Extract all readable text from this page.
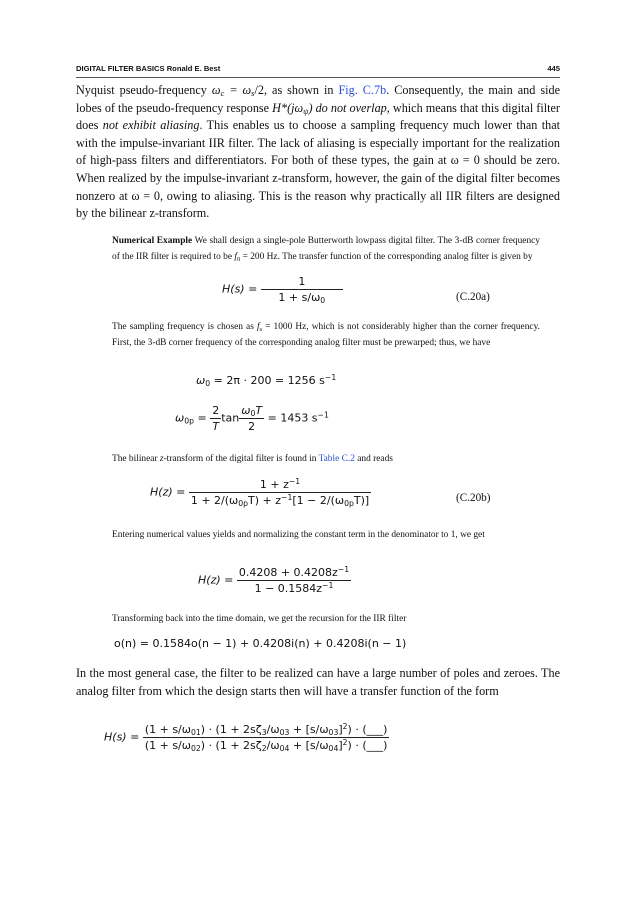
DIGITAL FILTER BASICS Ronald E. Best	445
Nyquist pseudo-frequency $\omega_c = \omega_s/2$, as shown in Fig. C.7b. Consequently, the main and side lobes of the pseudo-frequency response $H*(j\omega_\psi)$ do not overlap, which means that this digital filter does not exhibit aliasing. This enables us to choose a sampling frequency much lower than that with the impulse-invariant IIR filter. The lack of aliasing is especially important for the realization of high-pass filters and differentiators. For both of these types, the gain at ω = 0 should be zero. When realized by the impulse-invariant z-transform, however, the gain of the digital filter becomes nonzero at ω = 0, owing to aliasing. This is the reason why practically all IIR filters are designed by the bilinear z-transform.
Numerical Example We shall design a single-pole Butterworth lowpass digital filter. The 3-dB corner frequency of the IIR filter is required to be $f_0 = 200$ Hz. The transfer function of the corresponding analog filter is given by
$H(s) = \frac{1}{1 + s/\omega_0}$	(C.20a)
The sampling frequency is chosen as $f_s = 1000$ Hz, which is not considerably higher than the corner frequency. First, the 3-dB corner frequency of the corresponding analog filter must be prewarped; thus, we have
$\omega_0 = 2\pi \cdot 200 = 1256$ $s^{-1}$
$\omega_{0p} = \frac{2}{T}$ $\tan \frac{\omega_0T}{2} = 1453$ $s^{-1}$
The bilinear z-transform of the digital filter is found in Table C.2 and reads
$H(z) = \frac{1 + z^{-1}}{1 + 2/(\omega_{0p}T) + z^{-1}[1 - 2/(\omega_{0p}T)]}$	(C.20b)
Entering numerical values yields and normalizing the constant term in the denominator to 1, we get
$H(z) = \frac{0.4208 + 0.4208z^{-1}}{1 - 0.1584z^{-1}}$
Transforming back into the time domain, we get the recursion for the IIR filter
o(n) = 0.1584o(n − 1) + 0.4208i(n) + 0.4208i(n − 1)
In the most general case, the filter to be realized can have a large number of poles and zeroes. The analog filter from which the design starts then will have a transfer function of the form
$H(s) = \frac{(1 + s/\omega_{01}) \cdot (1 + 2s\zeta_3/\omega_{03} + [s/\omega_{03}]^2) \cdot (\_\_\_)}{(1 + s/\omega_{02}) \cdot (1 + 2s\zeta_2/\omega_{04} + [s/\omega_{04}]^2) \cdot (\_\_\_)}$
